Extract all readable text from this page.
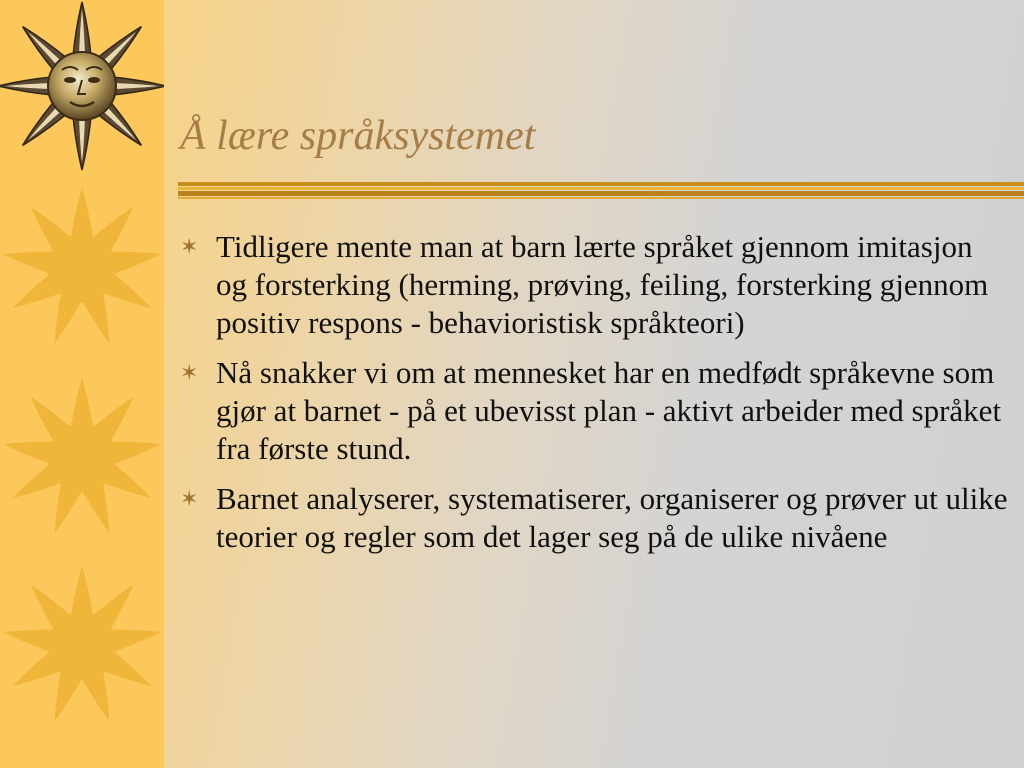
Å lære språksystemet
✶ Tidligere mente man at barn lærte språket gjennom imitasjon og forsterking (herming, prøving, feiling, forsterking gjennom positiv respons - behavioristisk språkteori)
✶ Nå snakker vi om at mennesket har en medfødt språkevne som gjør at barnet - på et ubevisst plan - aktivt arbeider med språket fra første stund.
✶ Barnet analyserer, systematiserer, organiserer og prøver ut ulike teorier og regler som det lager seg på de ulike nivåene
